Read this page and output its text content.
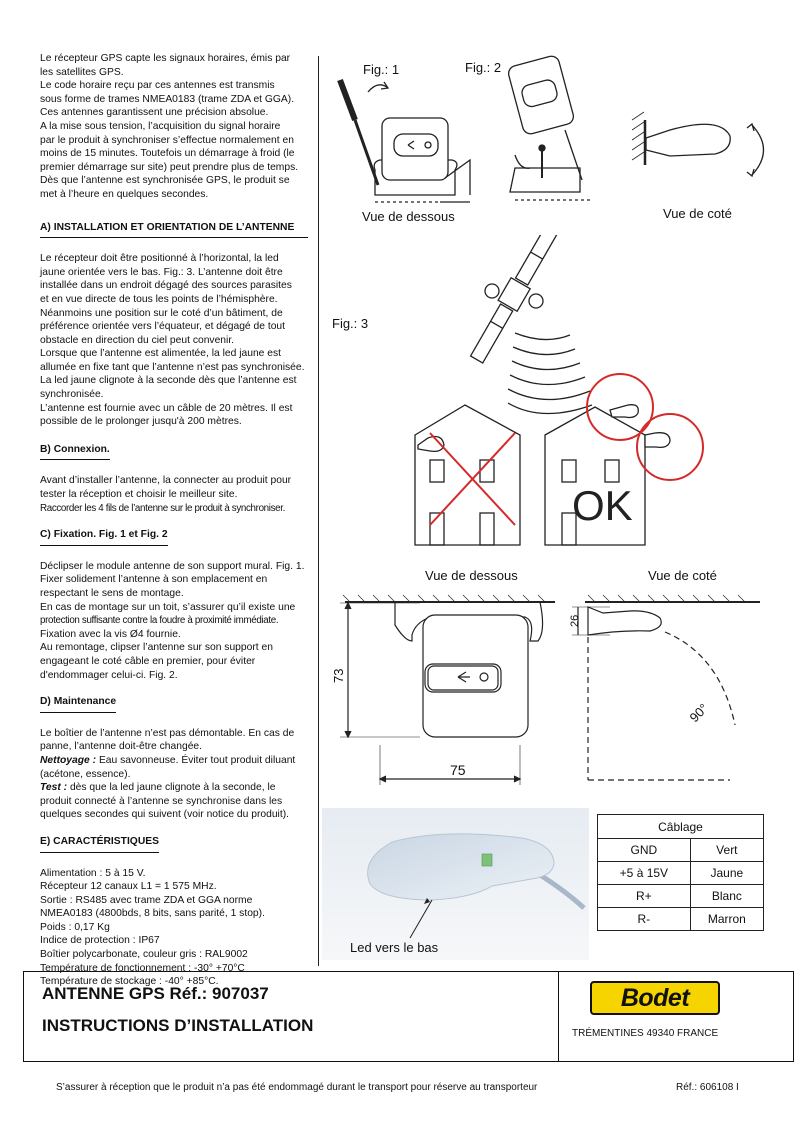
Le récepteur GPS capte les signaux horaires, émis par

les satellites GPS.

Le code horaire reçu par ces antennes est transmis

sous forme de trames NMEA0183 (trame ZDA et GGA).

Ces antennes garantissent une précision absolue.

A la mise sous tension, l’acquisition du signal horaire

par le produit à synchroniser s’effectue normalement en

moins de 15 minutes. Toutefois un démarrage à froid (le

premier démarrage sur site) peut prendre plus de temps.

Dès que l’antenne est synchronisée GPS, le produit se

met à l’heure en quelques secondes.

A) INSTALLATION ET ORIENTATION DE L’ANTENNE

Le récepteur doit être positionné à l’horizontal, la led

jaune orientée vers le bas. Fig.: 3. L’antenne doit être

installée dans un endroit dégagé des sources parasites

et en vue directe de tous les points de l’hémisphère.

Néanmoins une position sur le coté d’un bâtiment, de

préférence orientée vers l’équateur, et dégagé de tout

obstacle en direction du ciel peut convenir.

Lorsque que l’antenne est alimentée, la led jaune est

allumée en fixe tant que l’antenne n’est pas synchronisée.

La led jaune clignote à la seconde dès que l’antenne est

synchronisée.

L’antenne est fournie avec un câble de 20 mètres. Il est

possible de le prolonger jusqu'à 200 mètres.

B) Connexion.

Avant d’installer l’antenne, la connecter au produit pour

tester la réception et choisir le meilleur site.

Raccorder les 4 fils de l’antenne sur le produit à synchroniser.

C) Fixation. Fig. 1 et Fig. 2

Déclipser le module antenne de son support mural. Fig. 1.

Fixer solidement l’antenne à son emplacement en

respectant le sens de montage.

En cas de montage sur un toit, s’assurer qu’il existe une

protection suffisante contre la foudre à proximité immédiate.

Fixation avec la vis Ø4 fournie.

Au remontage, clipser l’antenne sur son support en

engageant le coté câble en premier, pour éviter

d'endommager celui-ci. Fig. 2.

D) Maintenance

Le boîtier de l’antenne n’est pas démontable. En cas de

panne, l’antenne doit-être changée.

Nettoyage : Eau savonneuse. Éviter tout produit diluant

(acétone, essence).

Test : dès que la led jaune clignote à la seconde, le

produit connecté à l’antenne se synchronise dans les

quelques secondes qui suivent (voir notice du produit).

E) CARACTÉRISTIQUES

Alimentation : 5 à 15 V.

Récepteur 12 canaux L1 = 1 575 MHz.

Sortie : RS485 avec trame ZDA et GGA norme

NMEA0183 (4800bds, 8 bits, sans parité, 1 stop).

Poids : 0,17 Kg

Indice de protection : IP67

Boîtier polycarbonate, couleur gris : RAL9002

Température de fonctionnement : -30° +70°C

Température de stockage : -40° +85°C.

Fig.: 1	Fig.: 2
Fig.: 3
Vue de dessous	Vue de coté
OK
Vue de dessous	Vue de coté
73
75
26
90°
Led vers le bas
Câblage	
GND	Vert
+5 à 15V	Jaune
R+	Blanc
R-	Marron
ANTENNE GPS Réf.: 907037
INSTRUCTIONS D’INSTALLATION
Bodet
TRÉMENTINES 49340 FRANCE
S’assurer à réception que le produit n’a pas été endommagé durant le transport pour réserve au transporteur	Réf.: 606108 I
